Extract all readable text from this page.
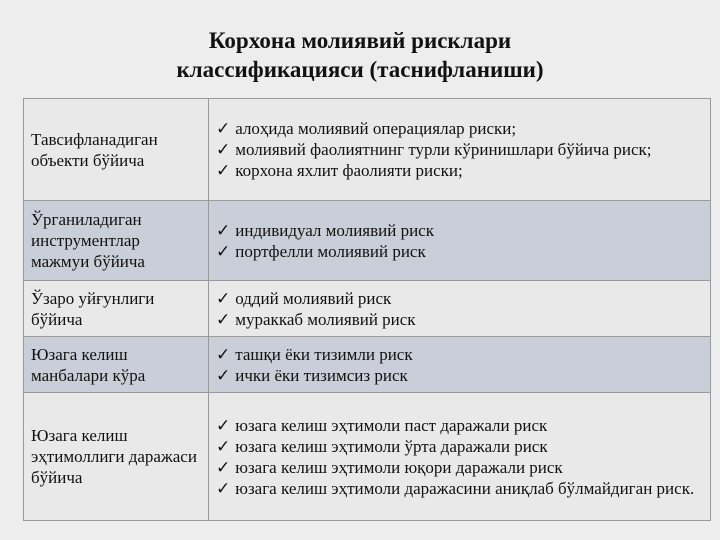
Корхона молиявий рисклари
классификацияси (таснифланиши)
Тавсифланадиган объекти бўйича	✓ алоҳида молиявий операциялар риски;
✓ молиявий фаолиятнинг турли кўринишлари бўйича риск;
✓ корхона яхлит фаолияти риски;

Ўрганиладиган инструментлар мажмуи бўйича	✓ индивидуал молиявий риск
✓ портфелли молиявий риск

Ўзаро уйғунлиги бўйича	✓ оддий молиявий риск
✓ мураккаб молиявий риск

Юзага келиш манбалари кўра	✓ ташқи ёки тизимли риск
✓ ички ёки тизимсиз риск

Юзага келиш эҳтимоллиги даражаси бўйича	✓ юзага келиш эҳтимоли паст даражали риск
✓ юзага келиш эҳтимоли ўрта даражали риск
✓ юзага келиш эҳтимоли юқори даражали риск
✓ юзага келиш эҳтимоли даражасини аниқлаб бўлмайдиган риск.
